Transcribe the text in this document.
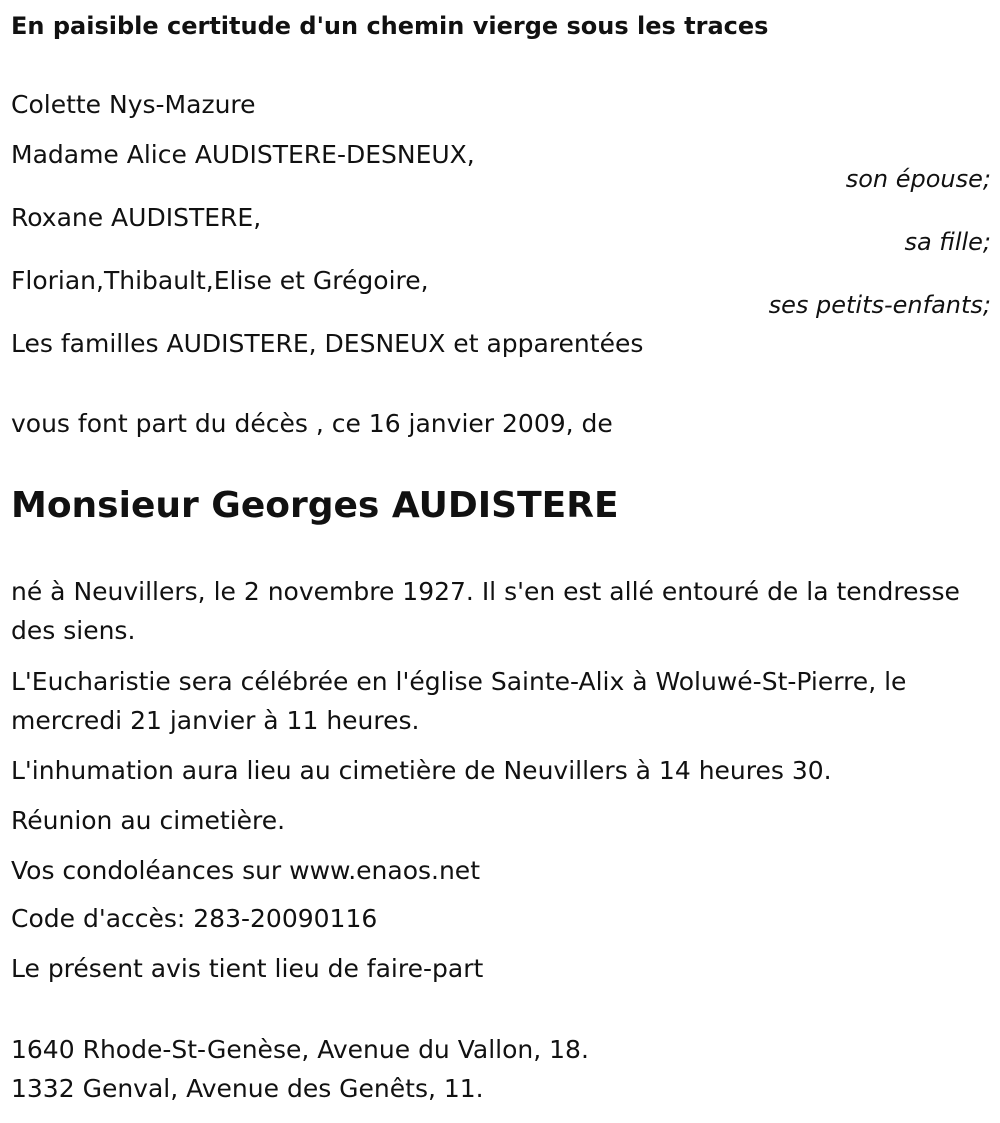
En paisible certitude d'un chemin vierge sous les traces
Colette Nys-Mazure
Madame Alice AUDISTERE-DESNEUX,
son épouse;
Roxane AUDISTERE,
sa fille;
Florian,Thibault,Elise et Grégoire,
ses petits-enfants;
Les familles AUDISTERE, DESNEUX et apparentées
vous font part du décès , ce 16 janvier 2009, de
Monsieur Georges AUDISTERE
né à Neuvillers, le 2 novembre 1927. Il s'en est allé entouré de la tendresse des siens.
L'Eucharistie sera célébrée en l'église Sainte-Alix à Woluwé-St-Pierre, le mercredi 21 janvier à 11 heures.
L'inhumation aura lieu au cimetière de Neuvillers à 14 heures 30.
Réunion au cimetière.
Vos condoléances sur www.enaos.net
Code d'accès: 283-20090116
Le présent avis tient lieu de faire-part
1640 Rhode-St-Genèse, Avenue du Vallon, 18.
1332 Genval, Avenue des Genêts, 11.
